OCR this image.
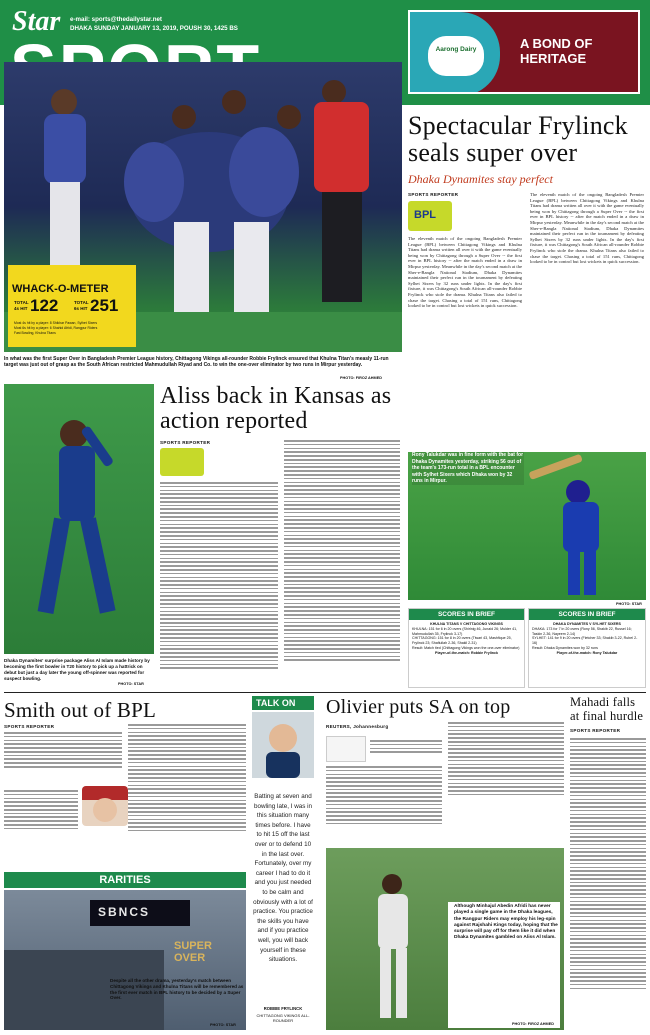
Star e-mail: sports@thedailystar.net
DHAKA SUNDAY JANUARY 13, 2019, POUSH 30, 1425 BS
Aarong Dairy	A BOND OF HERITAGE
WHACK-O-METER
TOTAL
4s HIT 122	TOTAL
6s HIT 251
Most 4s hit by a player: 8 Shikhar Pawan, Sylhet Sixers
Most 6s hit by a player: 6 Shahid Afridi, Rangpur Riders
Fast Bowling, Khulna Titans
In what was the first Super Over in Bangladesh Premier League history, Chittagong Vikings all-rounder Robbie Frylinck ensured that Khulna Titan's measly 11-run target was just out of grasp as the South African restricted Mahmudullah Riyad and Co. to win the one-over eliminator by two runs in Mirpur yesterday.
PHOTO: FIROZ AHMED
Spectacular Frylinck seals super over
Dhaka Dynamites stay perfect
SPORTS REPORTER
BPL
The eleventh match of the ongoing Bangladesh Premier League (BPL) between Chittagong Vikings and Khulna Titans had drama written all over it with the game eventually being won by Chittagong through a Super Over -- the first ever in BPL history -- after the match ended in a draw in Mirpur yesterday. Meanwhile in the day's second match at the Sher-e-Bangla National Stadium, Dhaka Dynamites maintained their perfect run in the tournament by defeating Sylhet Sixers by 32 runs under lights. In the day's first fixture, it was Chittagong's South African all-rounder Robbie Frylinck who stole the drama. Khulna Titans also failed to chase the target. Chasing a total of 151 runs, Chittagong looked to be in control but lost wickets in quick succession.
The eleventh match of the ongoing Bangladesh Premier League (BPL) between Chittagong Vikings and Khulna Titans had drama written all over it with the game eventually being won by Chittagong through a Super Over -- the first ever in BPL history -- after the match ended in a draw in Mirpur yesterday. Meanwhile in the day's second match at the Sher-e-Bangla National Stadium, Dhaka Dynamites maintained their perfect run in the tournament by defeating Sylhet Sixers by 32 runs under lights. In the day's first fixture, it was Chittagong's South African all-rounder Robbie Frylinck who stole the drama. Khulna Titans also failed to chase the target. Chasing a total of 151 runs, Chittagong looked to be in control but lost wickets in quick succession.
Dhaka Dynamites' surprise package Aliss Al Islam made history by becoming the first bowler in T20 history to pick up a hattrick on debut but just a day later the young off-spinner was reported for suspect bowling.
PHOTO: STAR
Aliss back in Kansas as action reported
SPORTS REPORTER
Rony Talukdar was in fine form with the bat for Dhaka Dynamites yesterday, striking 56 out of the team's 173-run total in a BPL encounter with Sylhet Sixers which Dhaka won by 32 runs in Mirpur.
PHOTO: STAR
SCORES IN BRIEF
KHULNA TITANS V CHITTAGONG VIKINGS
KHULNA: 151 for 6 in 20 overs (Shirlnig 46, Junaid 26; Mulder 41, Mahmudullah 35, Frylinck 3-17)
CHITTAGONG: 151 for 8 in 20 overs (Tiwari 43, Mashfique 25, Frylinck 23; Shafiullah 2-36, Shakil 2-31)
Result: Match tied (Chittagong Vikings won the one-over eliminator)
Player-of-the-match: Robbie Frylinck
SCORES IN BRIEF
DHAKA DYNAMITES V SYLHET SIXERS
DHAKA: 173 for 7 in 20 overs (Rony 56, Shakib 22, Russel 16; Taskin 2-36, Nayeem 2-14)
SYLHET: 141 for 9 in 20 overs (Fletcher 33; Shakib 3-22, Rubel 2-16)
Result: Dhaka Dynamites won by 32 runs
Player-of-the-match: Rony Talukdar
Smith out of BPL
SPORTS REPORTER
RARITIES
SBNCS
SUPER OVER
Despite all the other drama, yesterday's match between Chittagong Vikings and Khulna Titans will be remembered as the first ever match in BPL history to be decided by a Super Over.
PHOTO: STAR
TALK ON
Batting at seven and bowling late, I was in this situation many times before. I have to hit 15 off the last over or to defend 10 in the last over. Fortunately, over my career I had to do it and you just needed to be calm and obviously with a lot of practice. You practice the skills you have and if you practice well, you will back yourself in these situations.
ROBBIE FRYLINCK
CHITTAGONG VIKINGS ALL-ROUNDER
Olivier puts SA on top
REUTERS, Johannesburg
Although Minhajul Abedin Afridi has never played a single game in the Dhaka leagues, the Rangpur Riders may employ his leg-spin against Rajshahi Kings today, hoping that the surprise will pay off for them like it did when Dhaka Dynamites gambled on Aliss Al Islam.
PHOTO: FIROZ AHMED
Mahadi falls at final hurdle
SPORTS REPORTER
